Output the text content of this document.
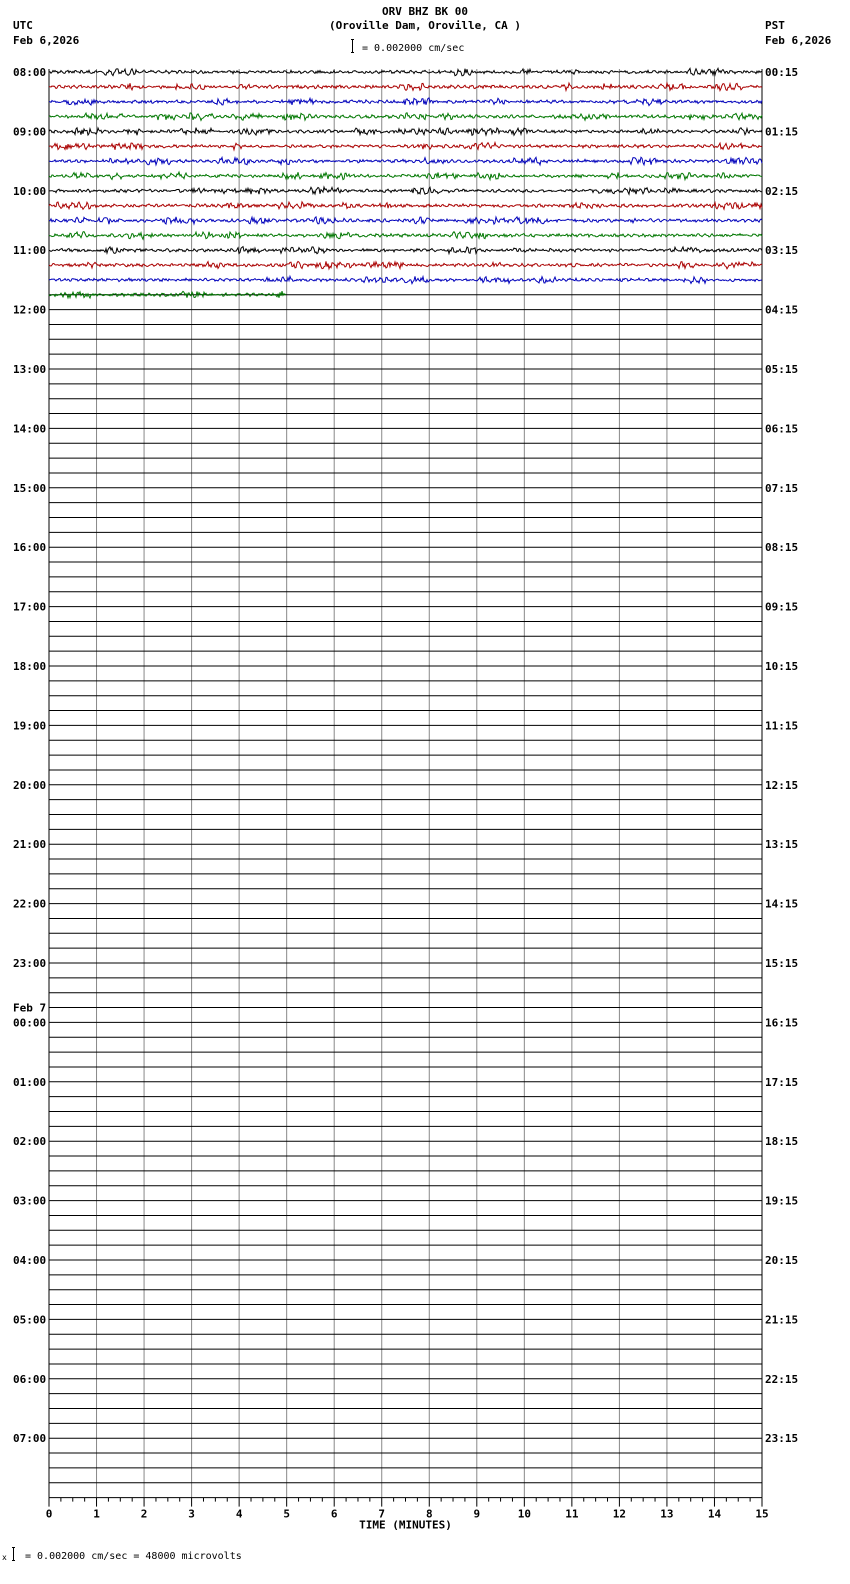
ORV BHZ BK 00
(Oroville Dam, Oroville, CA )
= 0.002000 cm/sec
UTC
Feb 6,2026
PST
Feb 6,2026
0	1	2	3	4	5	6	7	8	9	10	11	12	13	14	15
TIME (MINUTES)
08:00	00:15
09:00	01:15
10:00	02:15
11:00	03:15
12:00	04:15
13:00	05:15
14:00	06:15
15:00	07:15
16:00	08:15
17:00	09:15
18:00	10:15
19:00	11:15
20:00	12:15
21:00	13:15
22:00	14:15
23:00	15:15
00:00	16:15
01:00	17:15
02:00	18:15
03:00	19:15
04:00	20:15
05:00	21:15
06:00	22:15
07:00	23:15
Feb 7
x = 0.002000 cm/sec = 48000 microvolts
